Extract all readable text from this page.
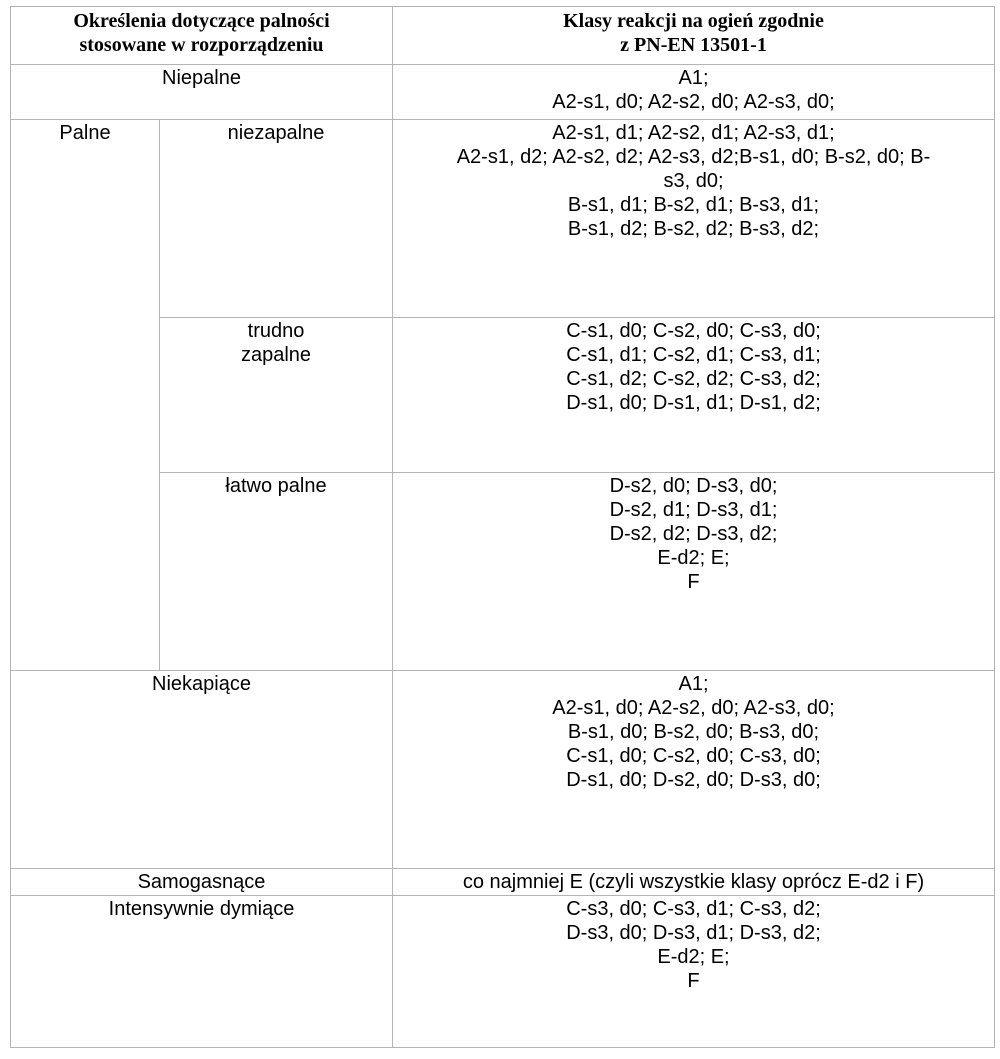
Określenia dotyczące palności
stosowane w rozporządzeniu		Klasy reakcji na ogień zgodnie
z PN-EN 13501-1

Niepalne		A1;
A2-s1, d0; A2-s2, d0; A2-s3, d0;

Palne	niezapalne	A2-s1, d1; A2-s2, d1; A2-s3, d1;
A2-s1, d2; A2-s2, d2; A2-s3, d2;B-s1, d0; B-s2, d0; B-
s3, d0;
B-s1, d1; B-s2, d1; B-s3, d1;
B-s1, d2; B-s2, d2; B-s3, d2;

	trudno
zapalne	C-s1, d0; C-s2, d0; C-s3, d0;
C-s1, d1; C-s2, d1; C-s3, d1;
C-s1, d2; C-s2, d2; C-s3, d2;
D-s1, d0; D-s1, d1; D-s1, d2;

	łatwo palne	D-s2, d0; D-s3, d0;
D-s2, d1; D-s3, d1;
D-s2, d2; D-s3, d2;
E-d2; E;
F

Niekapiące		A1;
A2-s1, d0; A2-s2, d0; A2-s3, d0;
B-s1, d0; B-s2, d0; B-s3, d0;
C-s1, d0; C-s2, d0; C-s3, d0;
D-s1, d0; D-s2, d0; D-s3, d0;

Samogasnące		co najmniej E (czyli wszystkie klasy oprócz E-d2 i F)

Intensywnie dymiące		C-s3, d0; C-s3, d1; C-s3, d2;
D-s3, d0; D-s3, d1; D-s3, d2;
E-d2; E;
F
